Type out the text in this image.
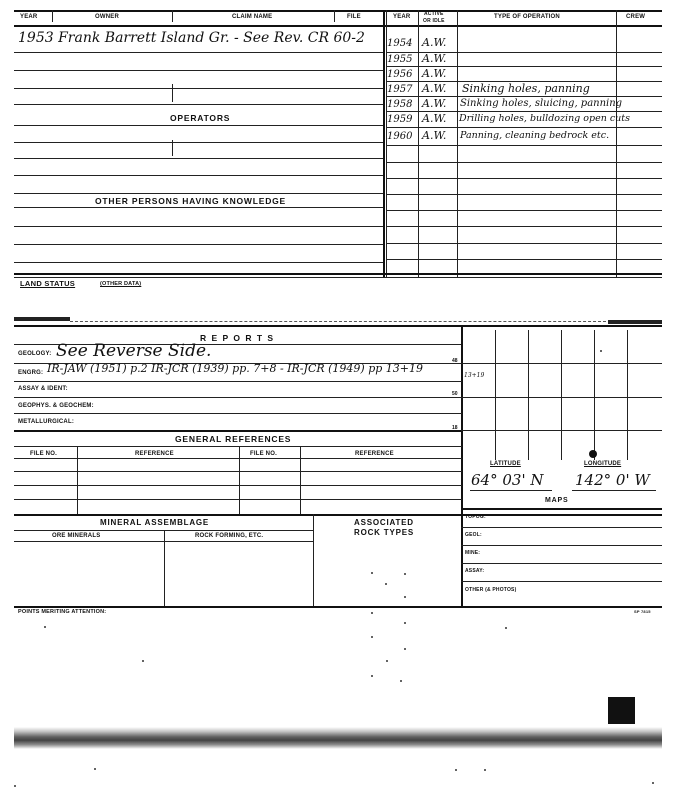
YEAR	OWNER	CLAIM NAME	FILE	YEAR	ACTIVE
OR IDLE
TYPE OF OPERATION	CREW
1953 Frank Barrett Island Gr. - See Rev. CR 60-2 1954 A.W.
1955 A.W.
1956 A.W.
1957 A.W. Sinking holes, panning
1958 A.W. Sinking holes, sluicing, panning
1959 A.W. Drilling holes, bulldozing open cuts
1960 A.W. Panning, cleaning bedrock etc.
OPERATORS
OTHER PERSONS HAVING KNOWLEDGE
LAND STATUS	(OTHER DATA)
R E P O R T S
GEOLOGY: See Reverse Side.	48
ENGRG: IR-JAW (1951) p.2 IR-JCR (1939) pp. 7+8 - IR-JCR (1949) pp 13+19
ASSAY & IDENT:
50
GEOPHYS. & GEOCHEM:
METALLURGICAL:
18
GENERAL REFERENCES
FILE NO.	REFERENCE	FILE NO.	REFERENCE
13+19
LATITUDE	LONGITUDE
64° 03' N 142° 0' W
MAPS
MINERAL ASSEMBLAGE	ASSOCIATED
ROCK TYPES
ORE MINERALS	ROCK FORMING, ETC.
TOPOG:
GEOL:
MINE:
ASSAY:
OTHER (& PHOTOS)
POINTS MERITING ATTENTION:	SP 7815
